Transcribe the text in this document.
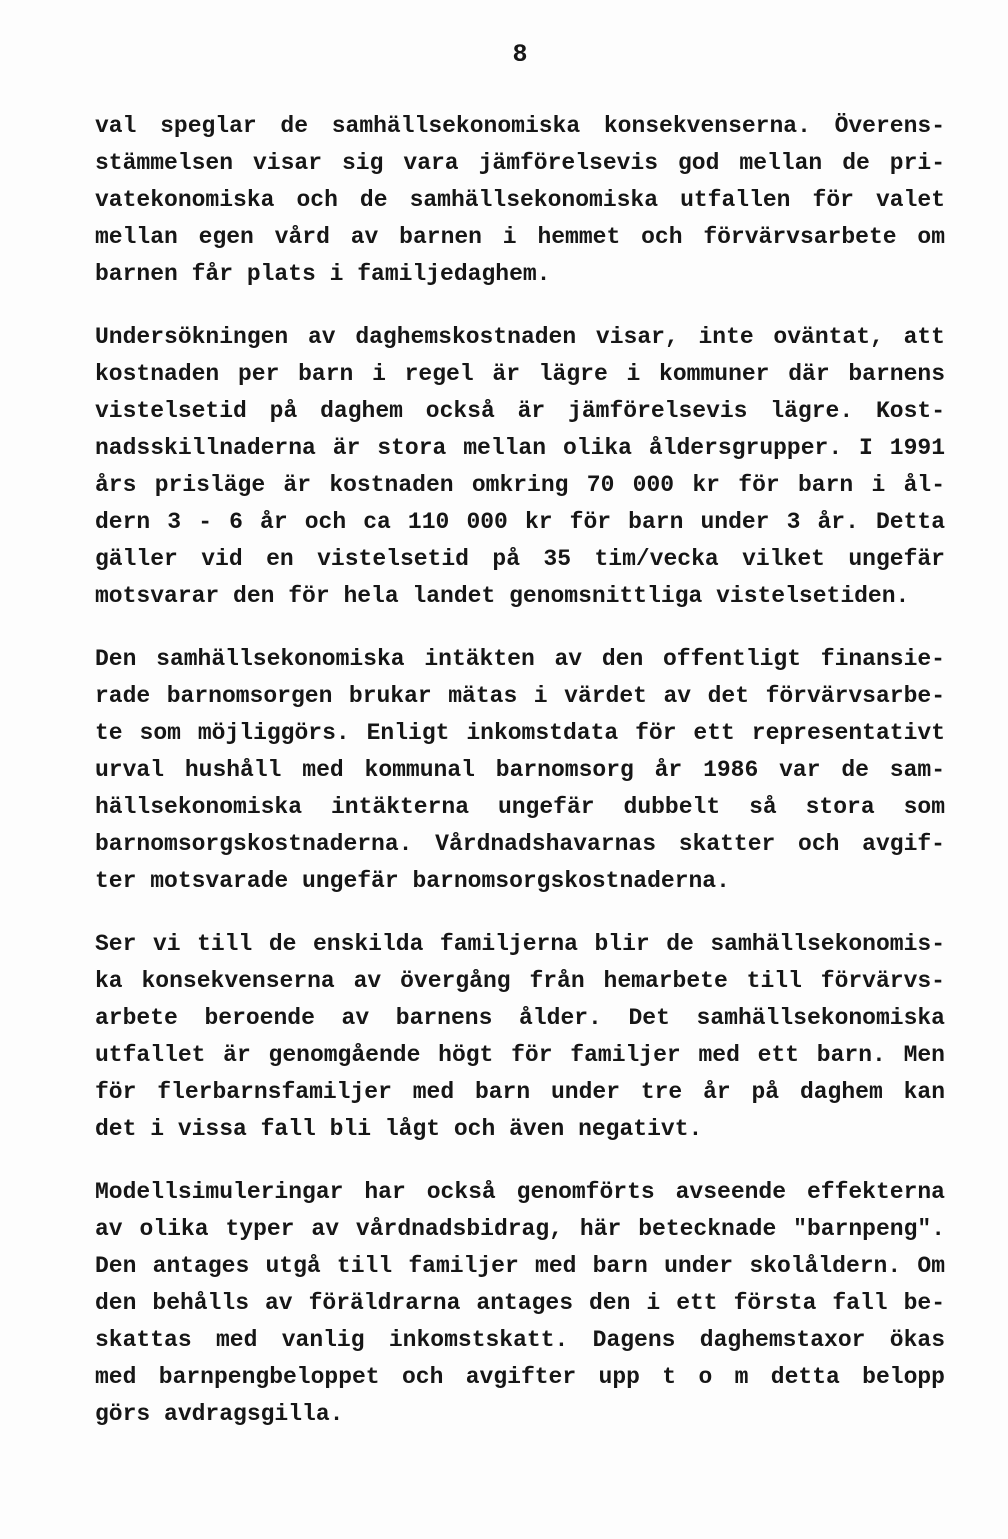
8
val speglar de samhällsekonomiska konsekvenserna. Överens-
stämmelsen visar sig vara jämförelsevis god mellan de pri-
vatekonomiska och de samhällsekonomiska utfallen för valet
mellan egen vård av barnen i hemmet och förvärvsarbete om
barnen får plats i familjedaghem.
Undersökningen av daghemskostnaden visar, inte oväntat, att
kostnaden per barn i regel är lägre i kommuner där barnens
vistelsetid på daghem också är jämförelsevis lägre. Kost-
nadsskillnaderna är stora mellan olika åldersgrupper. I 1991
års prisläge är kostnaden omkring 70 000 kr för barn i ål-
dern 3 - 6 år och ca 110 000 kr för barn under 3 år. Detta
gäller vid en vistelsetid på 35 tim/vecka vilket ungefär
motsvarar den för hela landet genomsnittliga vistelsetiden.
Den samhällsekonomiska intäkten av den offentligt finansie-
rade barnomsorgen brukar mätas i värdet av det förvärvsarbe-
te som möjliggörs. Enligt inkomstdata för ett representativt
urval hushåll med kommunal barnomsorg år 1986 var de sam-
hällsekonomiska intäkterna ungefär dubbelt så stora som
barnomsorgskostnaderna. Vårdnadshavarnas skatter och avgif-
ter motsvarade ungefär barnomsorgskostnaderna.
Ser vi till de enskilda familjerna blir de samhällsekonomis-
ka konsekvenserna av övergång från hemarbete till förvärvs-
arbete beroende av barnens ålder. Det samhällsekonomiska
utfallet är genomgående högt för familjer med ett barn. Men
för flerbarnsfamiljer med barn under tre år på daghem kan
det i vissa fall bli lågt och även negativt.
Modellsimuleringar har också genomförts avseende effekterna
av olika typer av vårdnadsbidrag, här betecknade "barnpeng".
Den antages utgå till familjer med barn under skolåldern. Om
den behålls av föräldrarna antages den i ett första fall be-
skattas med vanlig inkomstskatt. Dagens daghemstaxor ökas
med barnpengbeloppet och avgifter upp t o m detta belopp
görs avdragsgilla.
